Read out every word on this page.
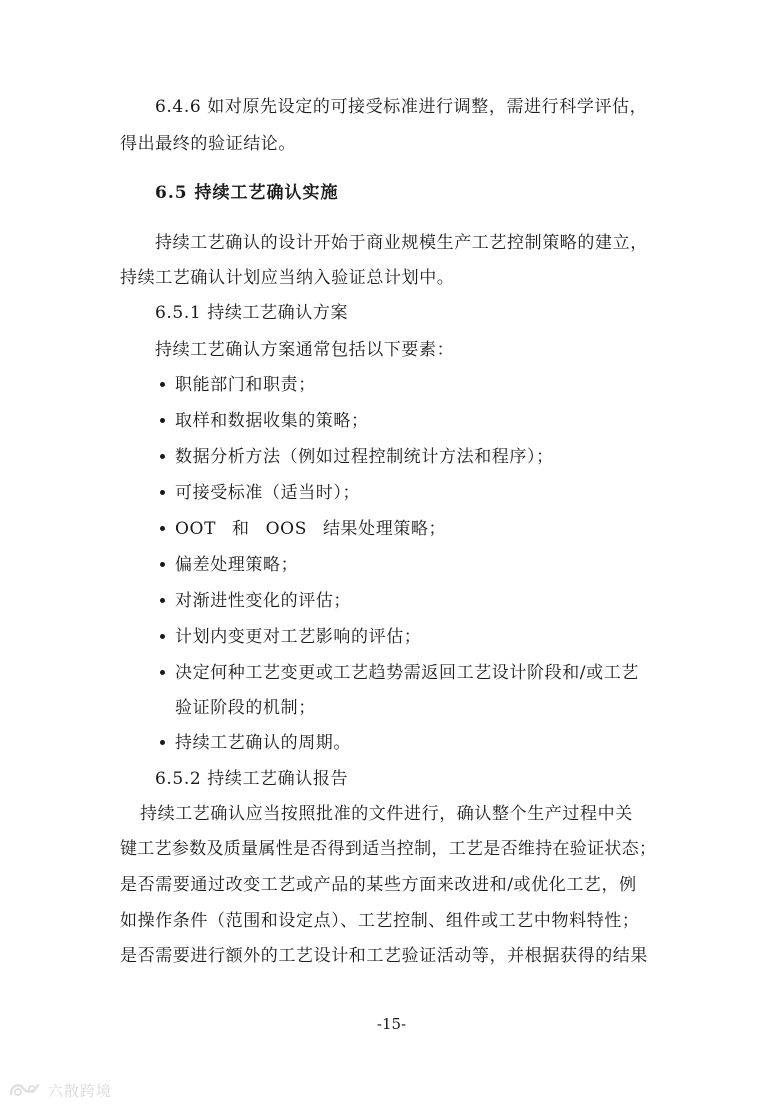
6.4.6 如对原先设定的可接受标准进行调整，需进行科学评估，
得出最终的验证结论。
6.5 持续工艺确认实施
持续工艺确认的设计开始于商业规模生产工艺控制策略的建立，
持续工艺确认计划应当纳入验证总计划中。
6.5.1 持续工艺确认方案
持续工艺确认方案通常包括以下要素：
职能部门和职责；
取样和数据收集的策略；
数据分析方法（例如过程控制统计方法和程序）；
可接受标准（适当时）；
OOT 和 OOS 结果处理策略；
偏差处理策略；
对渐进性变化的评估；
计划内变更对工艺影响的评估；
决定何种工艺变更或工艺趋势需返回工艺设计阶段和/或工艺
验证阶段的机制；
持续工艺确认的周期。
6.5.2 持续工艺确认报告
持续工艺确认应当按照批准的文件进行，确认整个生产过程中关
键工艺参数及质量属性是否得到适当控制，工艺是否维持在验证状态；
是否需要通过改变工艺或产品的某些方面来改进和/或优化工艺，例
如操作条件（范围和设定点）、工艺控制、组件或工艺中物料特性；
是否需要进行额外的工艺设计和工艺验证活动等，并根据获得的结果
-15-
六散跨境
